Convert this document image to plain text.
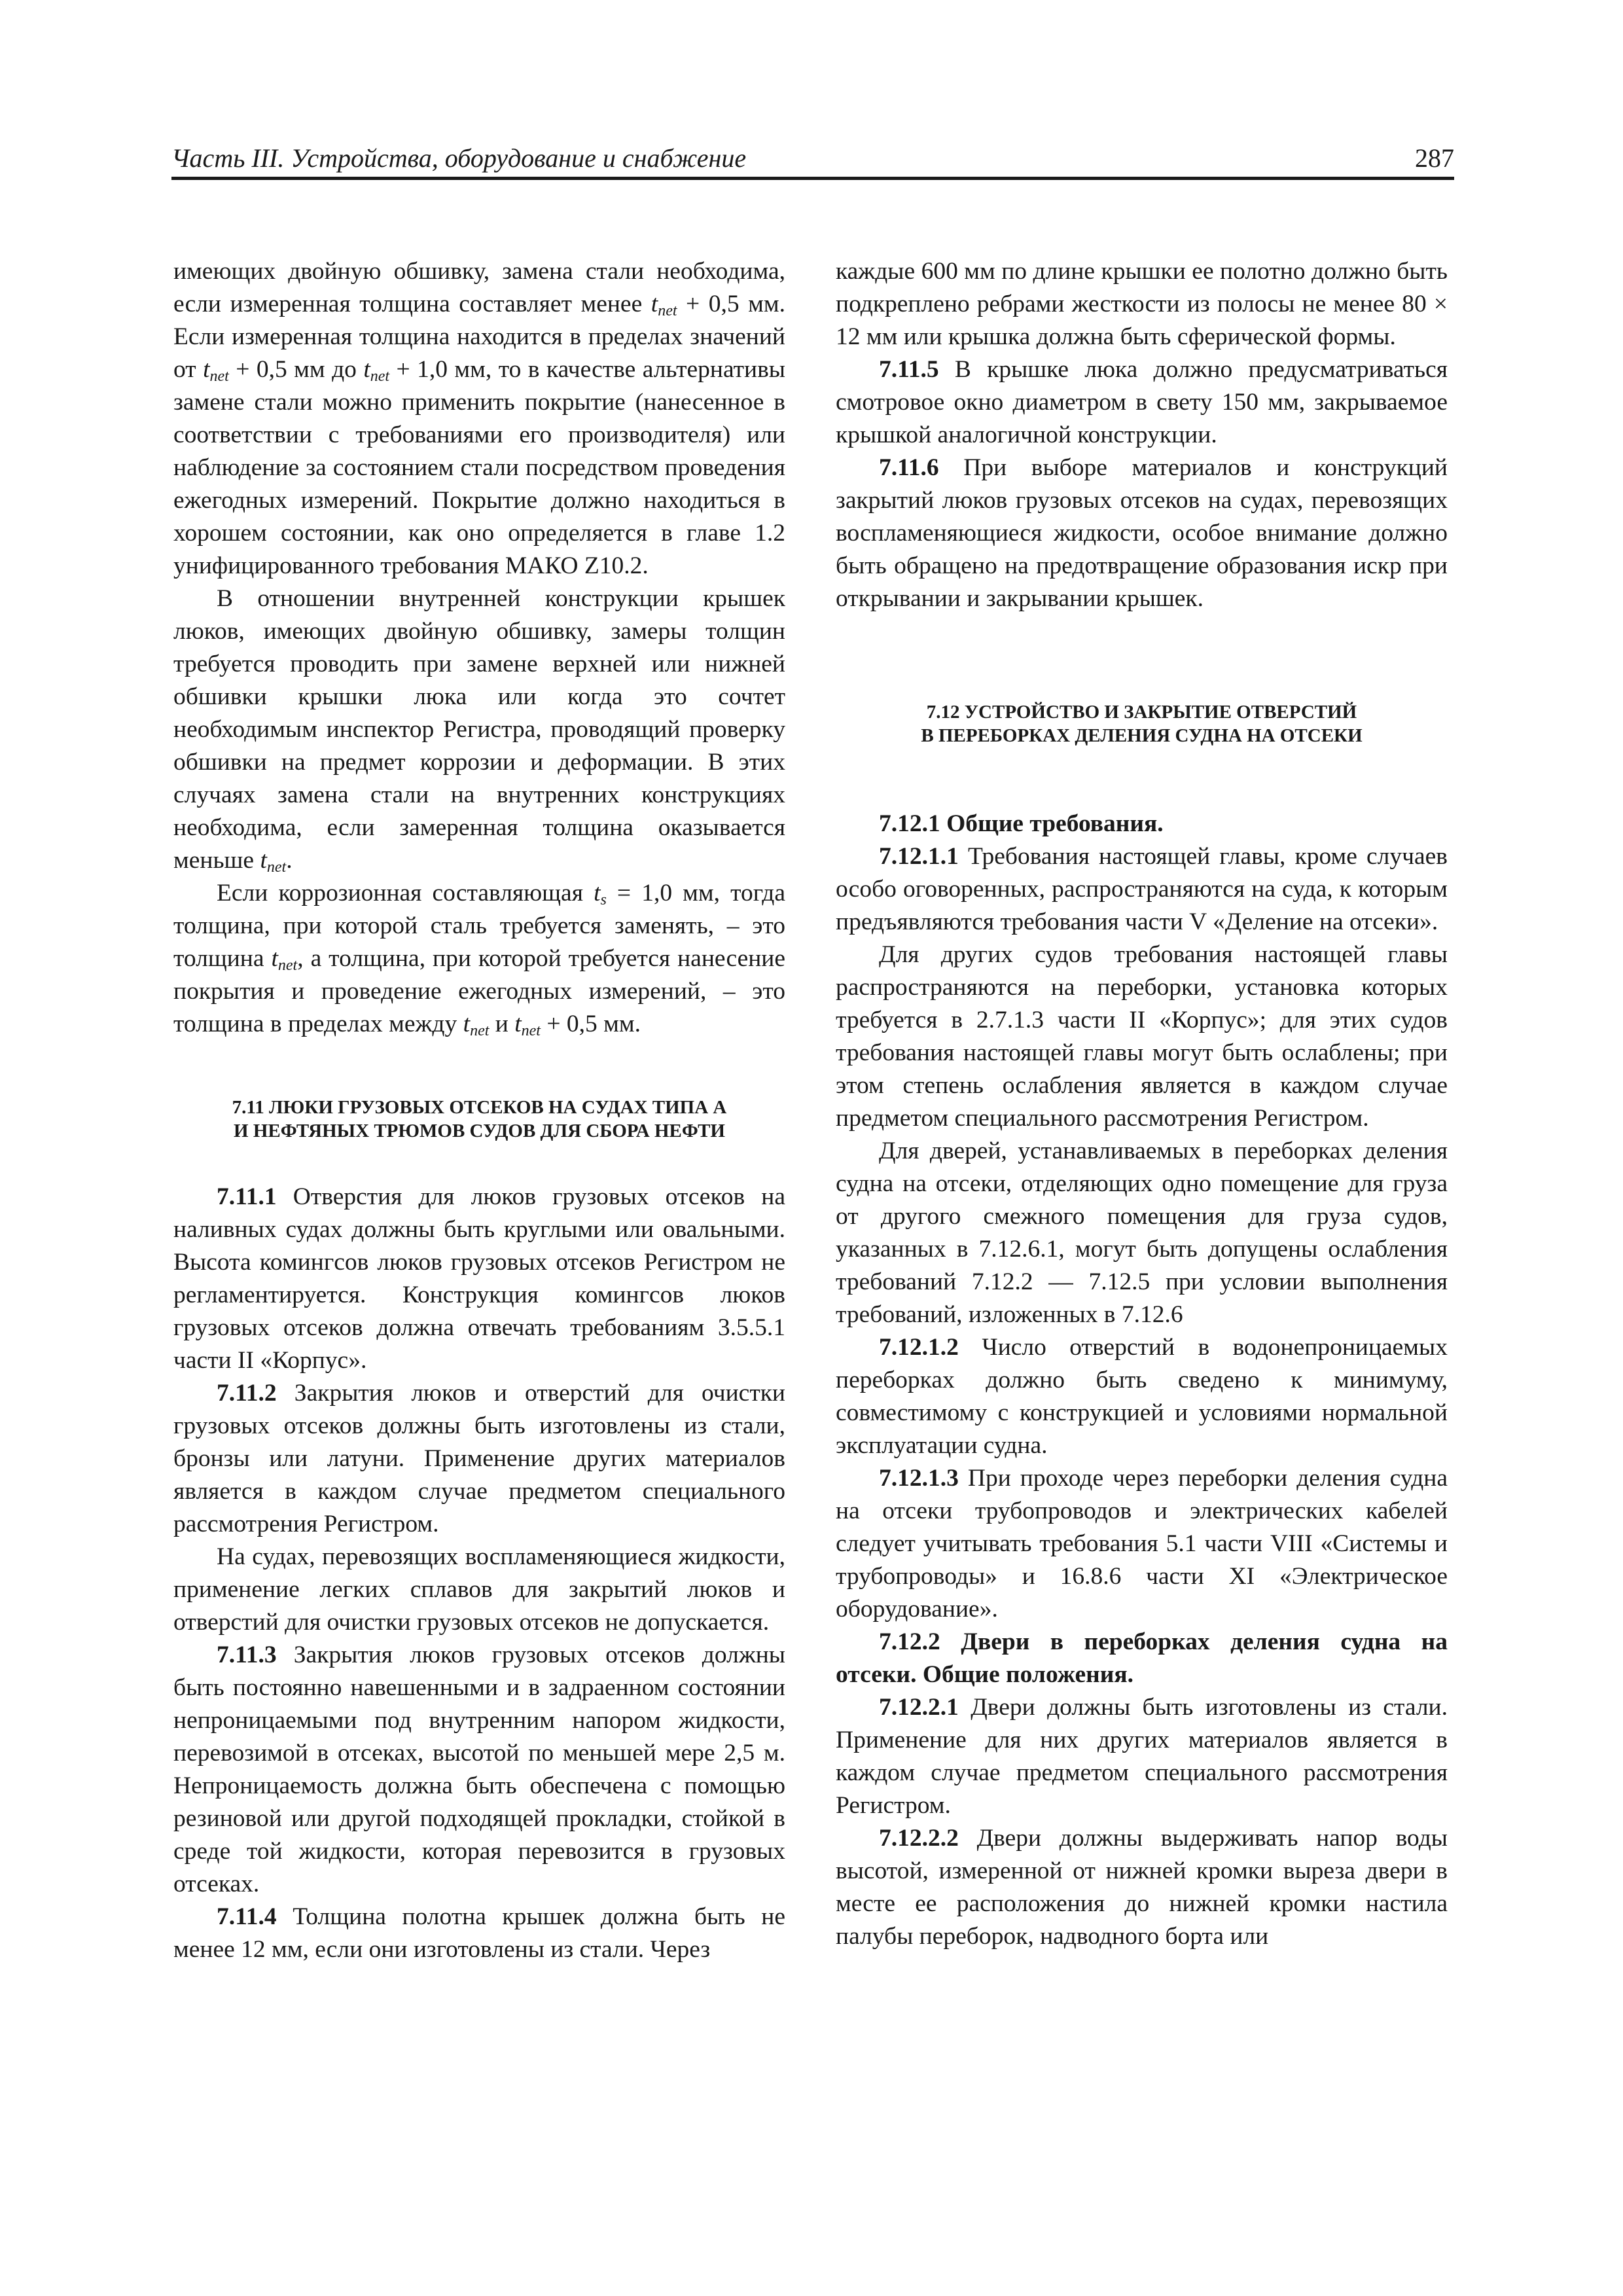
Часть III. Устройства, оборудование и снабжение	287

имеющих двойную обшивку, замена стали необходима, если измеренная толщина составляет менее $t_{net} + 0,5$ мм. Если измеренная толщина находится в пределах значений от $t_{net} + 0,5$ мм до $t_{net} + 1,0$ мм, то в качестве альтернативы замене стали можно применить покрытие (нанесенное в соответствии с требованиями его производителя) или наблюдение за состоянием стали посредством проведения ежегодных измерений. Покрытие должно находиться в хорошем состоянии, как оно определяется в главе 1.2 унифицированного требования МАКО Z10.2.

В отношении внутренней конструкции крышек люков, имеющих двойную обшивку, замеры толщин требуется проводить при замене верхней или нижней обшивки крышки люка или когда это сочтет необходимым инспектор Регистра, проводящий проверку обшивки на предмет коррозии и деформации. В этих случаях замена стали на внутренних конструкциях необходима, если замеренная толщина оказывается меньше $t_{net}$.

Если коррозионная составляющая $t_s = 1,0$ мм, тогда толщина, при которой сталь требуется заменять, – это толщина $t_{net}$, а толщина, при которой требуется нанесение покрытия и проведение ежегодных измерений, – это толщина в пределах между $t_{net}$ и $t_{net} + 0,5$ мм.

7.11 ЛЮКИ ГРУЗОВЫХ ОТСЕКОВ НА СУДАХ ТИПА А
И НЕФТЯНЫХ ТРЮМОВ СУДОВ ДЛЯ СБОРА НЕФТИ

7.11.1 Отверстия для люков грузовых отсеков на наливных судах должны быть круглыми или овальными. Высота комингсов люков грузовых отсеков Регистром не регламентируется. Конструкция комингсов люков грузовых отсеков должна отвечать требованиям 3.5.5.1 части II «Корпус».

7.11.2 Закрытия люков и отверстий для очистки грузовых отсеков должны быть изготовлены из стали, бронзы или латуни. Применение других материалов является в каждом случае предметом специального рассмотрения Регистром.

На судах, перевозящих воспламеняющиеся жидкости, применение легких сплавов для закрытий люков и отверстий для очистки грузовых отсеков не допускается.

7.11.3 Закрытия люков грузовых отсеков должны быть постоянно навешенными и в задраенном состоянии непроницаемыми под внутренним напором жидкости, перевозимой в отсеках, высотой по меньшей мере 2,5 м. Непроницаемость должна быть обеспечена с помощью резиновой или другой подходящей прокладки, стойкой в среде той жидкости, которая перевозится в грузовых отсеках.

7.11.4 Толщина полотна крышек должна быть не менее 12 мм, если они изготовлены из стали. Через

каждые 600 мм по длине крышки ее полотно должно быть подкреплено ребрами жесткости из полосы не менее 80 × 12 мм или крышка должна быть сферической формы.

7.11.5 В крышке люка должно предусматриваться смотровое окно диаметром в свету 150 мм, закрываемое крышкой аналогичной конструкции.

7.11.6 При выборе материалов и конструкций закрытий люков грузовых отсеков на судах, перевозящих воспламеняющиеся жидкости, особое внимание должно быть обращено на предотвращение образования искр при открывании и закрывании крышек.

7.12 УСТРОЙСТВО И ЗАКРЫТИЕ ОТВЕРСТИЙ
В ПЕРЕБОРКАХ ДЕЛЕНИЯ СУДНА НА ОТСЕКИ

7.12.1 Общие требования.

7.12.1.1 Требования настоящей главы, кроме случаев особо оговоренных, распространяются на суда, к которым предъявляются требования части V «Деление на отсеки».

Для других судов требования настоящей главы распространяются на переборки, установка которых требуется в 2.7.1.3 части II «Корпус»; для этих судов требования настоящей главы могут быть ослаблены; при этом степень ослабления является в каждом случае предметом специального рассмотрения Регистром.

Для дверей, устанавливаемых в переборках деления судна на отсеки, отделяющих одно помещение для груза от другого смежного помещения для груза судов, указанных в 7.12.6.1, могут быть допущены ослабления требований 7.12.2 — 7.12.5 при условии выполнения требований, изложенных в 7.12.6

7.12.1.2 Число отверстий в водонепроницаемых переборках должно быть сведено к минимуму, совместимому с конструкцией и условиями нормальной эксплуатации судна.

7.12.1.3 При проходе через переборки деления судна на отсеки трубопроводов и электрических кабелей следует учитывать требования 5.1 части VIII «Системы и трубопроводы» и 16.8.6 части XI «Электрическое оборудование».

7.12.2 Двери в переборках деления судна на отсеки. Общие положения.

7.12.2.1 Двери должны быть изготовлены из стали. Применение для них других материалов является в каждом случае предметом специального рассмотрения Регистром.

7.12.2.2 Двери должны выдерживать напор воды высотой, измеренной от нижней кромки выреза двери в месте ее расположения до нижней кромки настила палубы переборок, надводного борта или
